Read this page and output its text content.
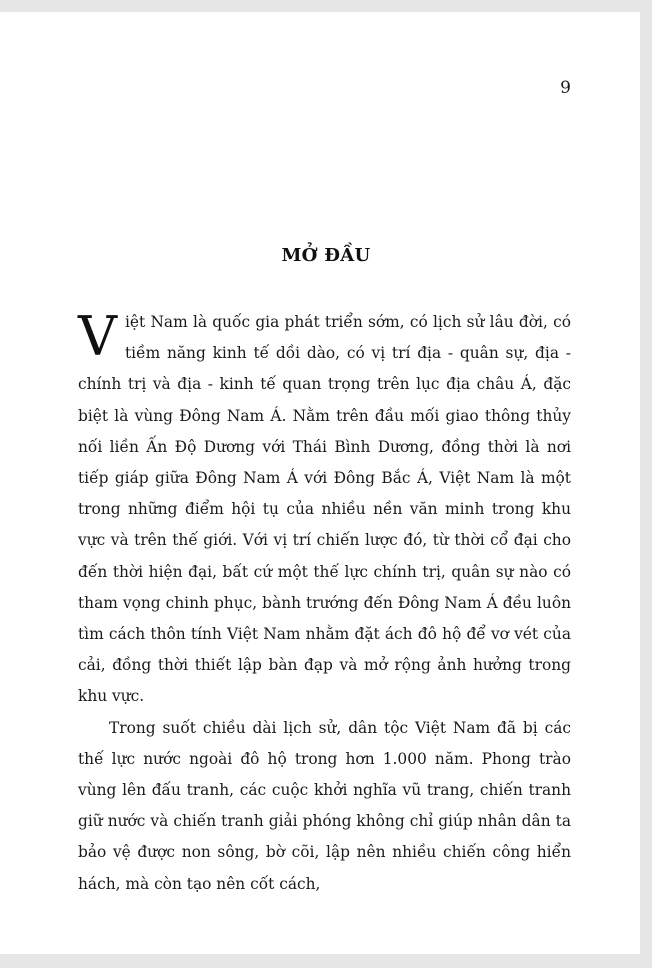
9
MỞ ĐẦU

Việt Nam là quốc gia phát triển sớm, có lịch sử lâu đời, có tiềm năng kinh tế dồi dào, có vị trí địa - quân sự, địa - chính trị và địa - kinh tế quan trọng trên lục địa châu Á, đặc biệt là vùng Đông Nam Á. Nằm trên đầu mối giao thông thủy nối liền Ấn Độ Dương với Thái Bình Dương, đồng thời là nơi tiếp giáp giữa Đông Nam Á với Đông Bắc Á, Việt Nam là một trong những điểm hội tụ của nhiều nền văn minh trong khu vực và trên thế giới. Với vị trí chiến lược đó, từ thời cổ đại cho đến thời hiện đại, bất cứ một thế lực chính trị, quân sự nào có tham vọng chinh phục, bành trướng đến Đông Nam Á đều luôn tìm cách thôn tính Việt Nam nhằm đặt ách đô hộ để vơ vét của cải, đồng thời thiết lập bàn đạp và mở rộng ảnh hưởng trong khu vực.

Trong suốt chiều dài lịch sử, dân tộc Việt Nam đã bị các thế lực nước ngoài đô hộ trong hơn 1.000 năm. Phong trào vùng lên đấu tranh, các cuộc khởi nghĩa vũ trang, chiến tranh giữ nước và chiến tranh giải phóng không chỉ giúp nhân dân ta bảo vệ được non sông, bờ cõi, lập nên nhiều chiến công hiển hách, mà còn tạo nên cốt cách,
